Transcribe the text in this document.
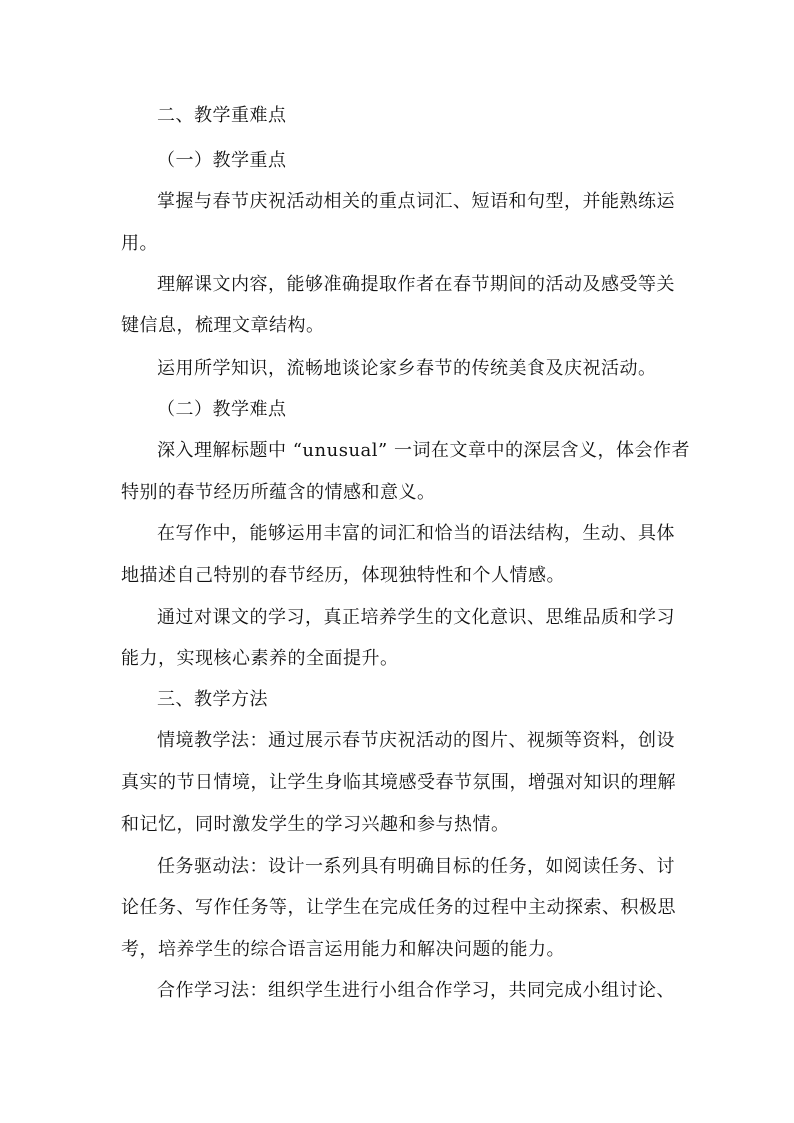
二、教学重难点
（一）教学重点
掌握与春节庆祝活动相关的重点词汇、短语和句型，并能熟练运
用。
理解课文内容，能够准确提取作者在春节期间的活动及感受等关
键信息，梳理文章结构。
运用所学知识，流畅地谈论家乡春节的传统美食及庆祝活动。
（二）教学难点
深入理解标题中 “unusual” 一词在文章中的深层含义，体会作者
特别的春节经历所蕴含的情感和意义。
在写作中，能够运用丰富的词汇和恰当的语法结构，生动、具体
地描述自己特别的春节经历，体现独特性和个人情感。
通过对课文的学习，真正培养学生的文化意识、思维品质和学习
能力，实现核心素养的全面提升。
三、教学方法
情境教学法：通过展示春节庆祝活动的图片、视频等资料，创设
真实的节日情境，让学生身临其境感受春节氛围，增强对知识的理解
和记忆，同时激发学生的学习兴趣和参与热情。
任务驱动法：设计一系列具有明确目标的任务，如阅读任务、讨
论任务、写作任务等，让学生在完成任务的过程中主动探索、积极思
考，培养学生的综合语言运用能力和解决问题的能力。
合作学习法：组织学生进行小组合作学习，共同完成小组讨论、
